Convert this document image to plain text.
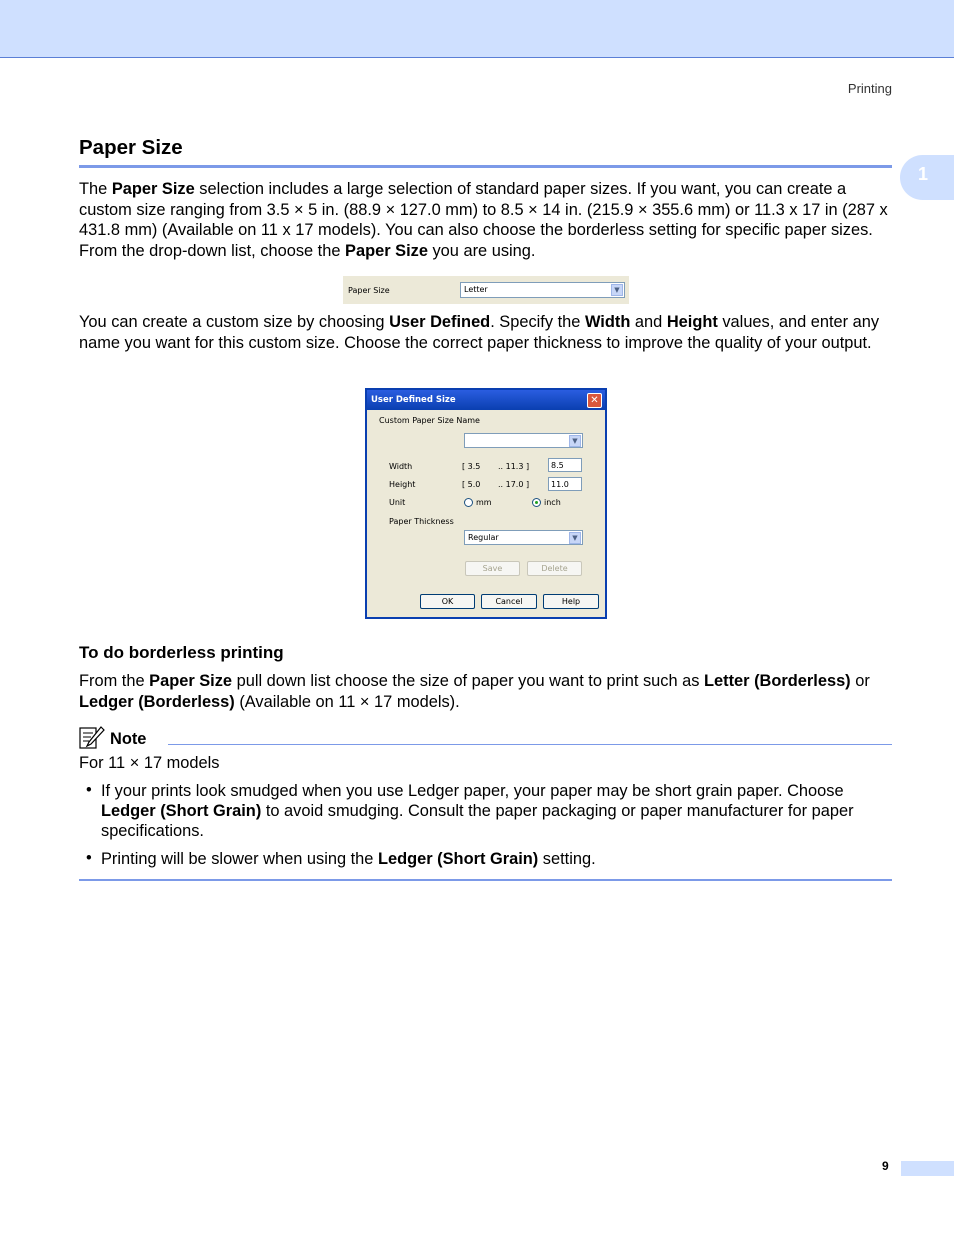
Printing
1
Paper Size

The Paper Size selection includes a large selection of standard paper sizes. If you want, you can create a custom size ranging from 3.5 × 5 in. (88.9 × 127.0 mm) to 8.5 × 14 in. (215.9 × 355.6 mm) or 11.3 x 17 in (287 x 431.8 mm) (Available on 11 x 17 models). You can also choose the borderless setting for specific paper sizes. From the drop-down list, choose the Paper Size you are using.

Paper Size	Letter	▼

You can create a custom size by choosing User Defined. Specify the Width and Height values, and enter any name you want for this custom size. Choose the correct paper thickness to improve the quality of your output.

User Defined Size	✕
Custom Paper Size Name
▼
Width	[ 3.5 .. 11.3 ]	8.5
Height	[ 5.0 .. 17.0 ]	11.0
Unit	mm	inch
Paper Thickness
Regular	▼
Save	Delete
OK	Cancel	Help
To do borderless printing

From the Paper Size pull down list choose the size of paper you want to print such as Letter (Borderless) or Ledger (Borderless) (Available on 11 × 17 models).

Note

For 11 × 17 models

• If your prints look smudged when you use Ledger paper, your paper may be short grain paper. Choose Ledger (Short Grain) to avoid smudging. Consult the paper packaging or paper manufacturer for paper specifications.

• Printing will be slower when using the Ledger (Short Grain) setting.

9
